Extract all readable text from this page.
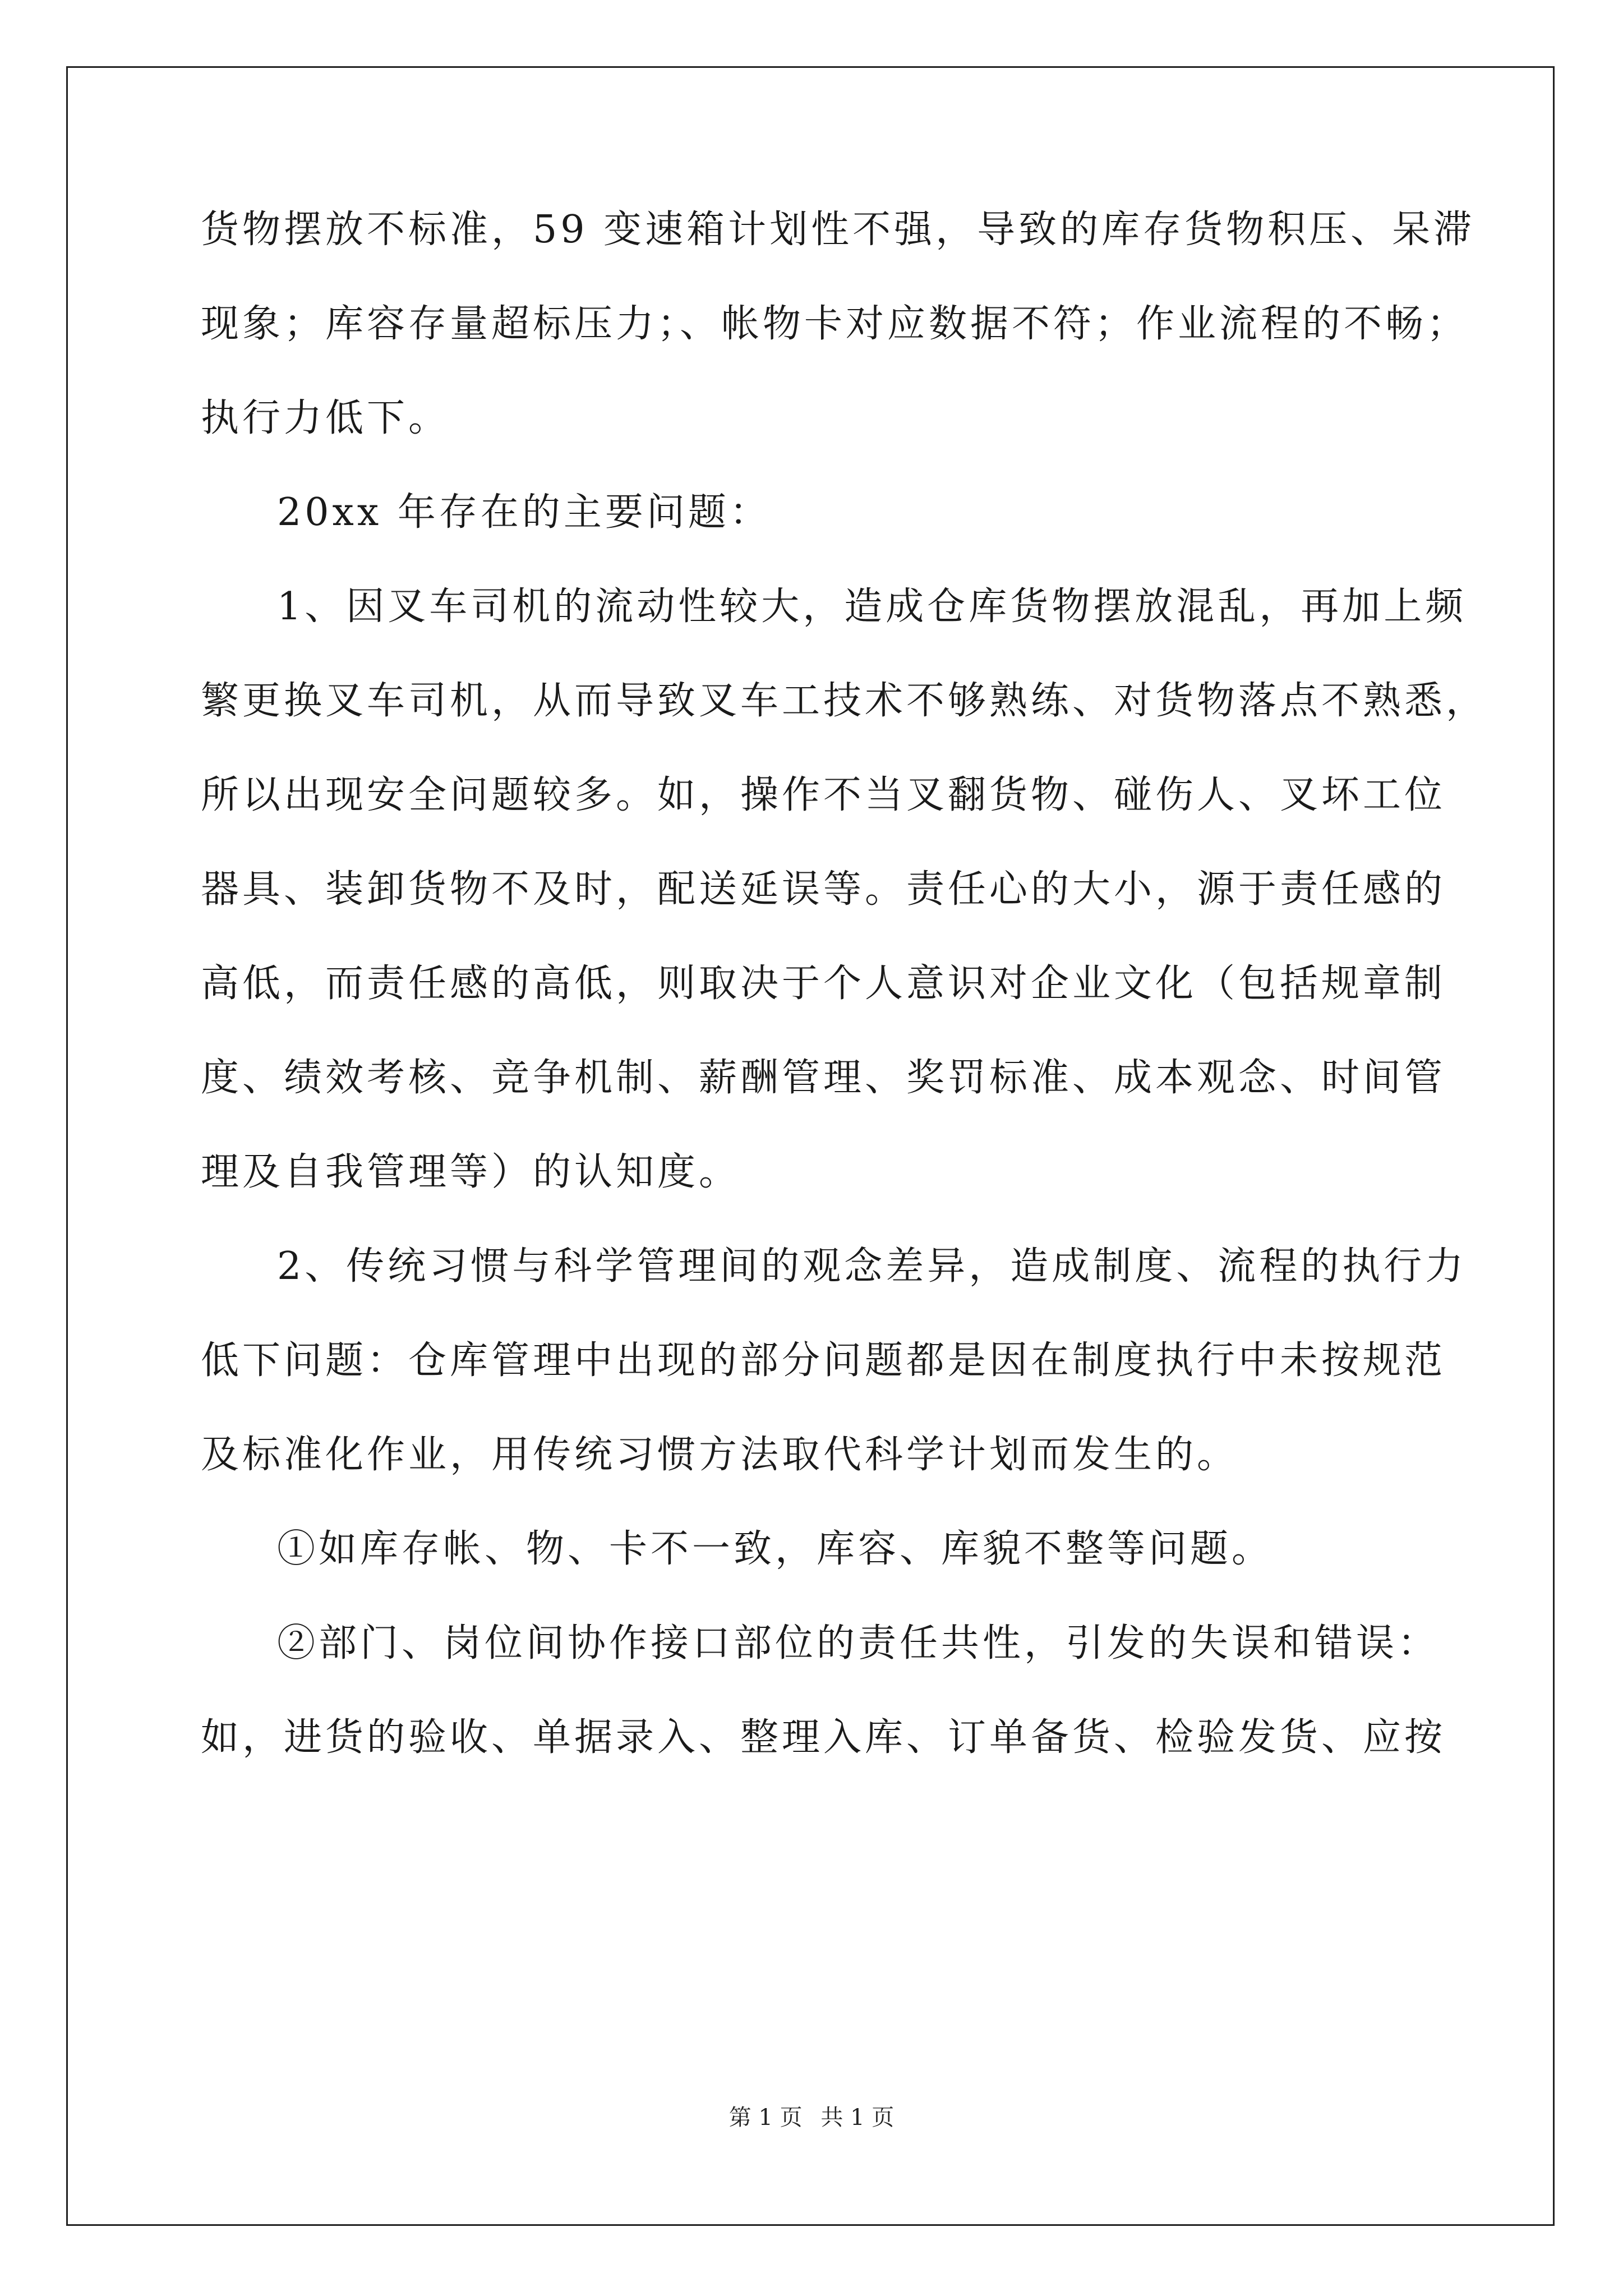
货物摆放不标准，59 变速箱计划性不强，导致的库存货物积压、呆滞
现象；库容存量超标压力；、帐物卡对应数据不符；作业流程的不畅；
执行力低下。
20xx 年存在的主要问题：
1、因叉车司机的流动性较大，造成仓库货物摆放混乱，再加上频
繁更换叉车司机，从而导致叉车工技术不够熟练、对货物落点不熟悉，
所以出现安全问题较多。如，操作不当叉翻货物、碰伤人、叉坏工位
器具、装卸货物不及时，配送延误等。责任心的大小，源于责任感的
高低，而责任感的高低，则取决于个人意识对企业文化（包括规章制
度、绩效考核、竞争机制、薪酬管理、奖罚标准、成本观念、时间管
理及自我管理等）的认知度。
2、传统习惯与科学管理间的观念差异，造成制度、流程的执行力
低下问题：仓库管理中出现的部分问题都是因在制度执行中未按规范
及标准化作业，用传统习惯方法取代科学计划而发生的。
①如库存帐、物、卡不一致，库容、库貌不整等问题。
②部门、岗位间协作接口部位的责任共性，引发的失误和错误：
如，进货的验收、单据录入、整理入库、订单备货、检验发货、应按
第 1 页 共 1 页
